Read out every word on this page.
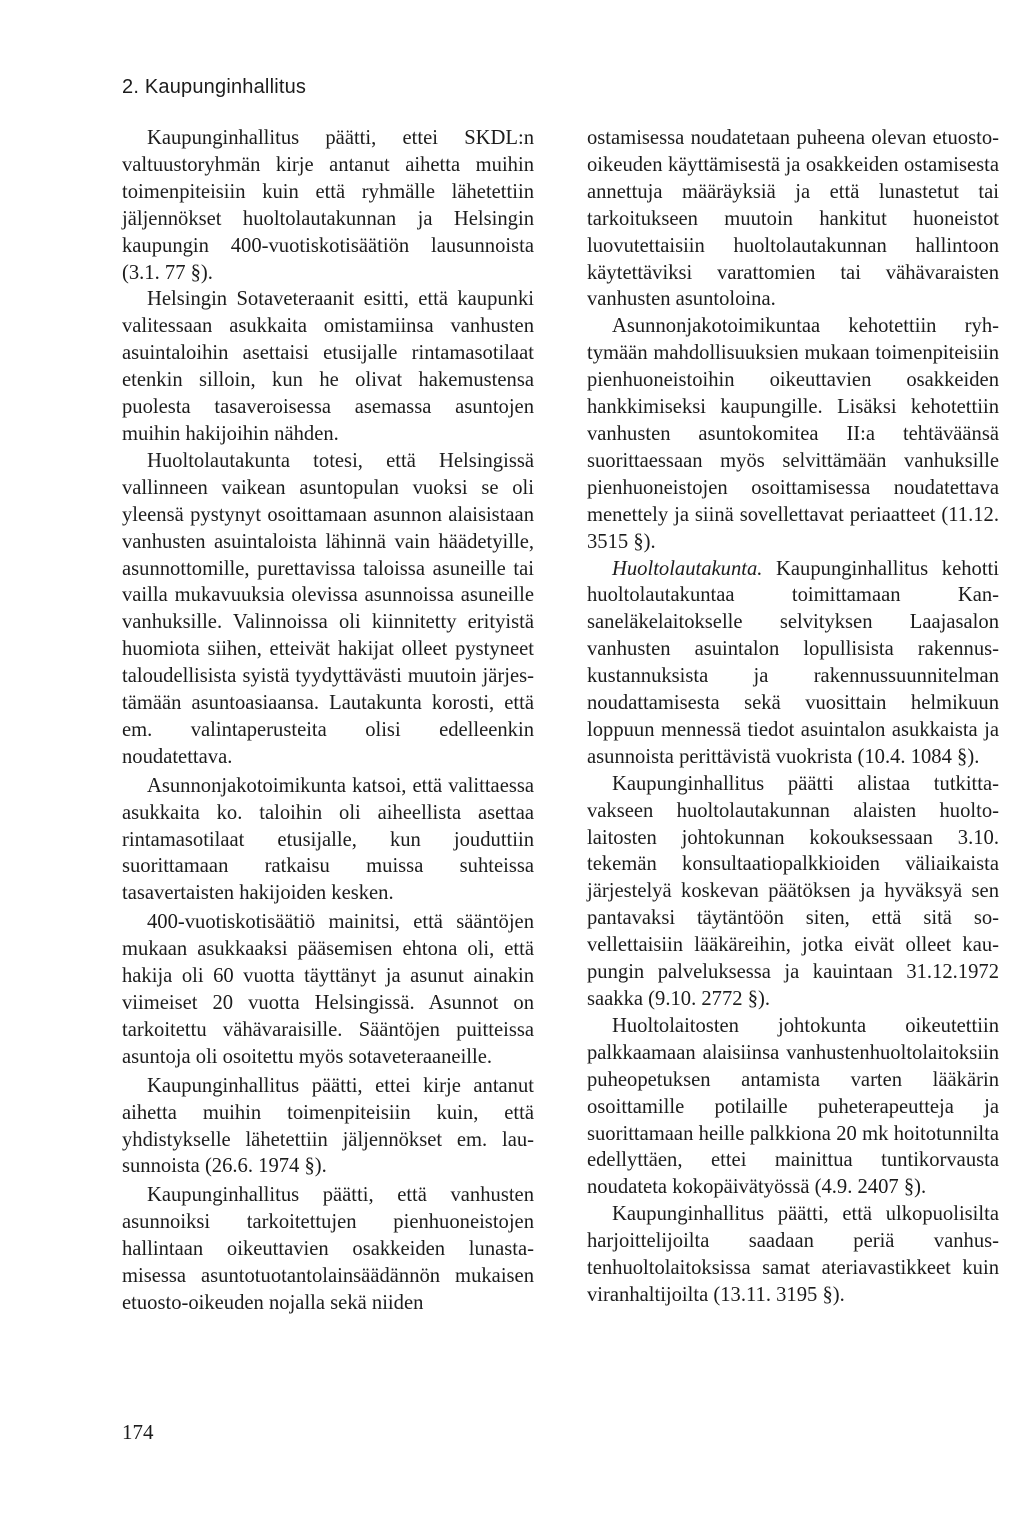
2. Kaupunginhallitus

Kaupunginhallitus päätti, ettei SKDL:n valtuustoryhmän kirje antanut aihetta muihin toimenpiteisiin kuin että ryhmälle lähetettiin jäljennökset huoltolautakunnan ja Helsingin kaupungin 400-vuotiskotisäätiön lausunnoista (3.1. 77 §).

Helsingin Sotaveteraanit esitti, että kaupunki valitessaan asukkaita omistamiinsa vanhusten asuintaloihin asettaisi etusijalle rintamasotilaat etenkin silloin, kun he olivat hakemustensa puolesta tasaveroisessa asemassa asuntojen muihin hakijoihin nähden.

Huoltolautakunta totesi, että Helsingissä vallinneen vaikean asuntopulan vuoksi se oli yleensä pystynyt osoittamaan asunnon alaisistaan vanhusten asuintaloista lähinnä vain häädetyille, asunnottomille, purettavissa taloissa asuneille tai vailla mukavuuksia olevissa asunnoissa asuneille vanhuksille. Valinnoissa oli kiinnitetty erityistä huomiota siihen, etteivät hakijat olleet pystyneet taloudellisista syistä tyydyttävästi muutoin järjestämään asuntoasiaansa. Lautakunta korosti, että em. valintaperusteita olisi edelleenkin noudatettava.

Asunnonjakotoimikunta katsoi, että valittaessa asukkaita ko. taloihin oli aiheellista asettaa rintamasotilaat etusijalle, kun jouduttiin suorittamaan ratkaisu muissa suhteissa tasavertaisten hakijoiden kesken.

400-vuotiskotisäätiö mainitsi, että sääntöjen mukaan asukkaaksi pääsemisen ehtona oli, että hakija oli 60 vuotta täyttänyt ja asunut ainakin viimeiset 20 vuotta Helsingissä. Asunnot on tarkoitettu vähävaraisille. Sääntöjen puitteissa asuntoja oli osoitettu myös sotaveteraaneille.

Kaupunginhallitus päätti, ettei kirje antanut aihetta muihin toimenpiteisiin kuin, että yhdistykselle lähetettiin jäljennökset em. lausunnoista (26.6. 1974 §).

Kaupunginhallitus päätti, että vanhusten asunnoiksi tarkoitettujen pienhuoneistojen hallintaan oikeuttavien osakkeiden lunastamisessa asuntotuotantolainsäädännön mukaisen etuosto-oikeuden nojalla sekä niiden

ostamisessa noudatetaan puheena olevan etuosto-oikeuden käyttämisestä ja osakkeiden ostamisesta annettuja määräyksiä ja että lunastetut tai tarkoitukseen muutoin hankitut huoneistot luovutettaisiin huoltolautakunnan hallintoon käytettäviksi varattomien tai vähävaraisten vanhusten asuntoloina.

Asunnonjakotoimikuntaa kehotettiin ryhtymään mahdollisuuksien mukaan toimenpiteisiin pienhuoneistoihin oikeuttavien osakkeiden hankkimiseksi kaupungille. Lisäksi kehotettiin vanhusten asuntokomitea II:a tehtäväänsä suorittaessaan myös selvittämään vanhuksille pienhuoneistojen osoittamisessa noudatettava menettely ja siinä sovellettavat periaatteet (11.12. 3515 §).

Huoltolautakunta. Kaupunginhallitus kehotti huoltolautakuntaa toimittamaan Kansaneläkelaitokselle selvityksen Laajasalon vanhusten asuintalon lopullisista rakennuskustannuksista ja rakennussuunnitelman noudattamisesta sekä vuosittain helmikuun loppuun mennessä tiedot asuintalon asukkaista ja asunnoista perittävistä vuokrista (10.4. 1084 §).

Kaupunginhallitus päätti alistaa tutkittavakseen huoltolautakunnan alaisten huoltolaitosten johtokunnan kokouksessaan 3.10. tekemän konsultaatiopalkkioiden väliaikaista järjestelyä koskevan päätöksen ja hyväksyä sen pantavaksi täytäntöön siten, että sitä sovellettaisiin lääkäreihin, jotka eivät olleet kaupungin palveluksessa ja kauintaan 31.12.1972 saakka (9.10. 2772 §).

Huoltolaitosten johtokunta oikeutettiin palkkaamaan alaisiinsa vanhustenhuoltolaitoksiin puheopetuksen antamista varten lääkärin osoittamille potilaille puheterapeutteja ja suorittamaan heille palkkiona 20 mk hoitotunnilta edellyttäen, ettei mainittua tuntikorvausta noudateta kokopäivätyössä (4.9. 2407 §).

Kaupunginhallitus päätti, että ulkopuolisilta harjoittelijoilta saadaan periä vanhustenhuoltolaitoksissa samat ateriavastikkeet kuin viranhaltijoilta (13.11. 3195 §).

174
